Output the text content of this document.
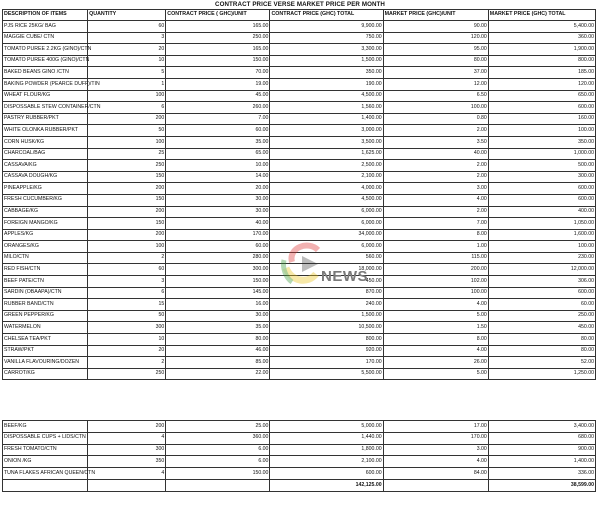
CONTRACT PRICE VERSE MARKET PRICE PER MONTH
DESCRIPTION OF ITEMS	QUANTITY	CONTRACT PRICE ( GHC)/UNIT	CONTRACT PRICE (GHC) TOTAL	MARKET PRICE (GHC)/UNIT	MARKET PRICE (GHC) TOTAL
PJS RICE 25KG/ BAG	60	165.00	9,900.00	90.00	5,400.00
MAGGIE CUBE/ CTN	3	250.00	750.00	120.00	360.00
TOMATO PUREE 2.2KG (GINO)/CTN	20	165.00	3,300.00	95.00	1,900.00
TOMATO PUREE 400G (GINO)/CTN	10	150.00	1,500.00	80.00	800.00
BAKED BEANS GINO /CTN	5	70.00	350.00	37.00	185.00
BAKING POWDER (PEARCE DUFF)/TIN	1	19.00	190.00	12.00	120.00
WHEAT FLOUR/KG	100	45.00	4,500.00	6.50	650.00
DISPOSSABLE STEW CONTAINER/CTN	6	260.00	1,560.00	100.00	600.00
PASTRY RUBBER/PKT	200	7.00	1,400.00	0.80	160.00
WHITE OLONKA RUBBER/PKT	50	60.00	3,000.00	2.00	100.00
CORN HUSK/KG	100	35.00	3,500.00	3.50	350.00
CHARCOAL/BAG	25	65.00	1,625.00	40.00	1,000.00
CASSAVA/KG	250	10.00	2,500.00	2.00	500.00
CASSAVA DOUGH/KG	150	14.00	2,100.00	2.00	300.00
PINEAPPLE/KG	200	20.00	4,000.00	3.00	600.00
FRESH CUCUMBER/KG	150	30.00	4,500.00	4.00	600.00
CABBAGE/KG	200	30.00	6,000.00	2.00	400.00
FOREIGN MANGO/KG	150	40.00	6,000.00	7.00	1,050.00
APPLES/KG	200	170.00	34,000.00	8.00	1,600.00
ORANGES/KG	100	60.00	6,000.00	1.00	100.00
MILO/CTN	2	280.00	560.00	115.00	230.00
RED FISH/CTN	60	300.00	18,000.00	200.00	12,000.00
BEEF PATE/CTN	3	150.00	450.00	102.00	306.00
SARDIN (OBAAPA)/CTN	6	145.00	870.00	100.00	600.00
RUBBER BAND/CTN	15	16.00	240.00	4.00	60.00
GREEN PEPPER/KG	50	30.00	1,500.00	5.00	250.00
WATERMELON	300	35.00	10,500.00	1.50	450.00
CHELSEA TEA/PKT	10	80.00	800.00	8.00	80.00
STRAW/PKT	20	46.00	920.00	4.00	80.00
VANILLA FLAVOURING/DOZEN	2	85.00	170.00	26.00	52.00
CARROT/KG	250	22.00	5,500.00	5.00	1,250.00
BEEF/KG	200	25.00	5,000.00	17.00	3,400.00
DISPOSSABLE CUPS + LIDS/CTN	4	360.00	1,440.00	170.00	680.00
FRESH TOMATO/CTN	300	6.00	1,800.00	3.00	900.00
ONION /KG	350	6.00	2,100.00	4.00	1,400.00
TUNA FLAKES AFRICAN QUEEN/CTN	4	150.00	600.00	84.00	336.00
			142,125.00		38,599.00
NEWS
